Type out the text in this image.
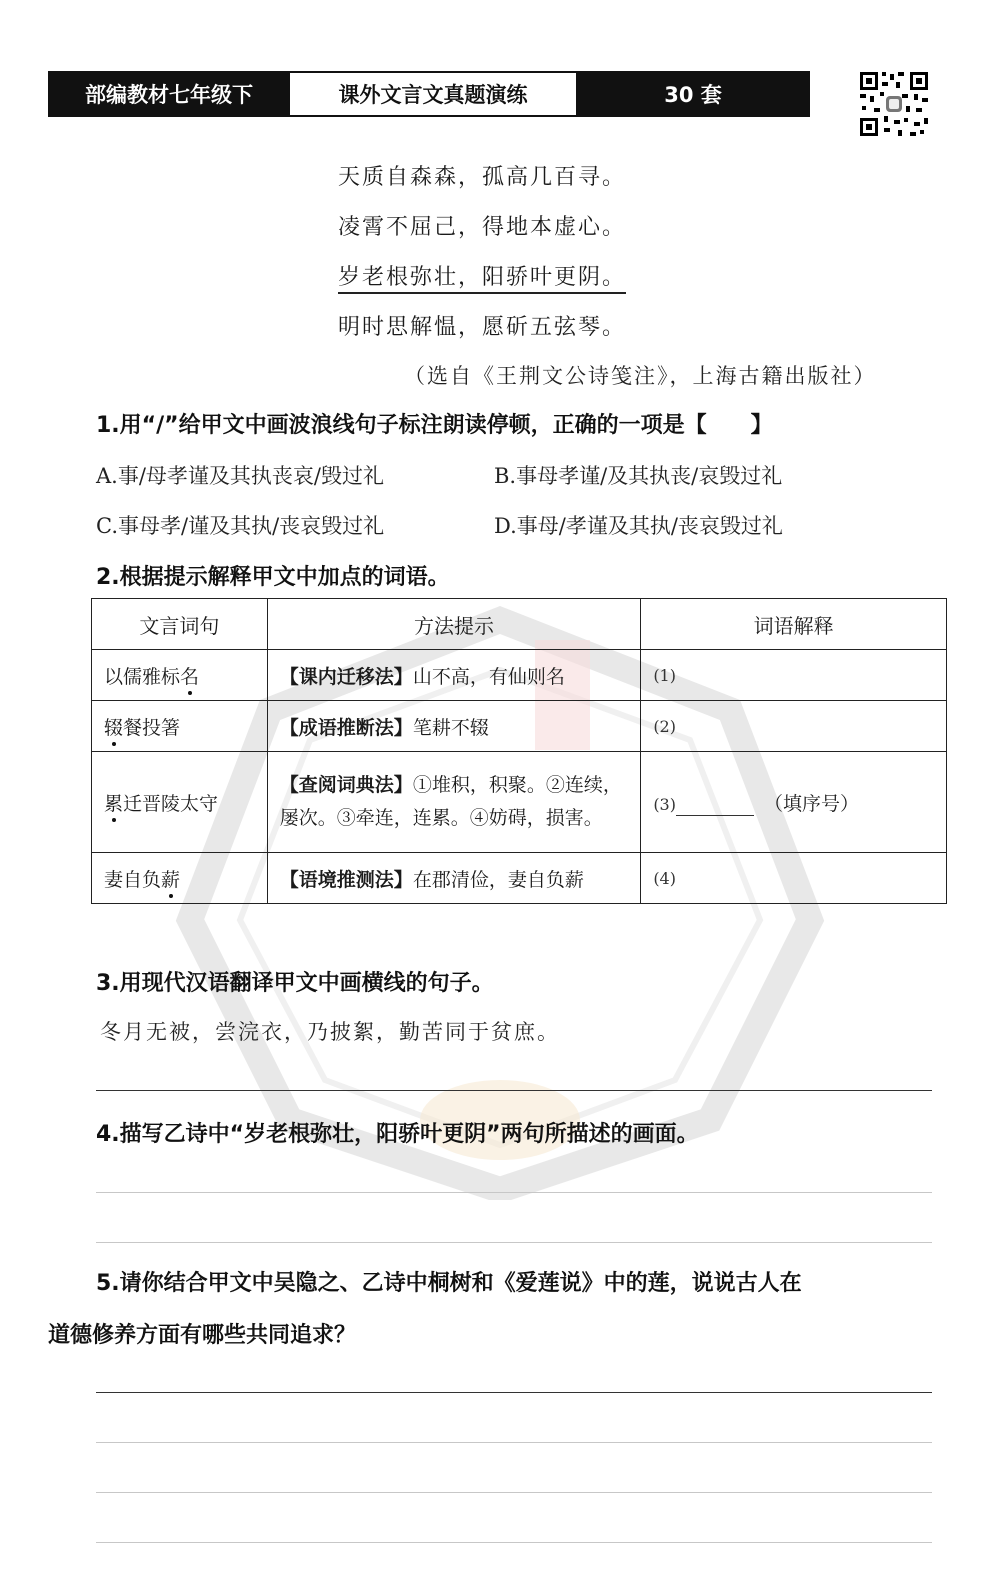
部编教材七年级下	课外文言文真题演练	30 套
天质自森森，孤高几百寻。
凌霄不屈己，得地本虚心。
岁老根弥壮，阳骄叶更阴。
明时思解愠，愿斫五弦琴。
（选自《王荆文公诗笺注》，上海古籍出版社）
1.用“/”给甲文中画波浪线句子标注朗读停顿，正确的一项是【　　】
A.事/母孝谨及其执丧哀/毁过礼	B.事母孝谨/及其执丧/哀毁过礼
C.事母孝/谨及其执/丧哀毁过礼	D.事母/孝谨及其执/丧哀毁过礼
2.根据提示解释甲文中加点的词语。
文言词句	方法提示	词语解释
以儒雅标名	【课内迁移法】山不高，有仙则名	(1)
辍餐投箸	【成语推断法】笔耕不辍	(2)
累迁晋陵太守	【查阅词典法】①堆积，积聚。②连续，屡次。③牵连，连累。④妨碍，损害。	(3) （填序号）
妻自负薪	【语境推测法】在郡清俭，妻自负薪	(4)
3.用现代汉语翻译甲文中画横线的句子。
冬月无被，尝浣衣，乃披絮，勤苦同于贫庶。
4.描写乙诗中“岁老根弥壮，阳骄叶更阴”两句所描述的画面。
5.请你结合甲文中吴隐之、乙诗中桐树和《爱莲说》中的莲，说说古人在
道德修养方面有哪些共同追求？
